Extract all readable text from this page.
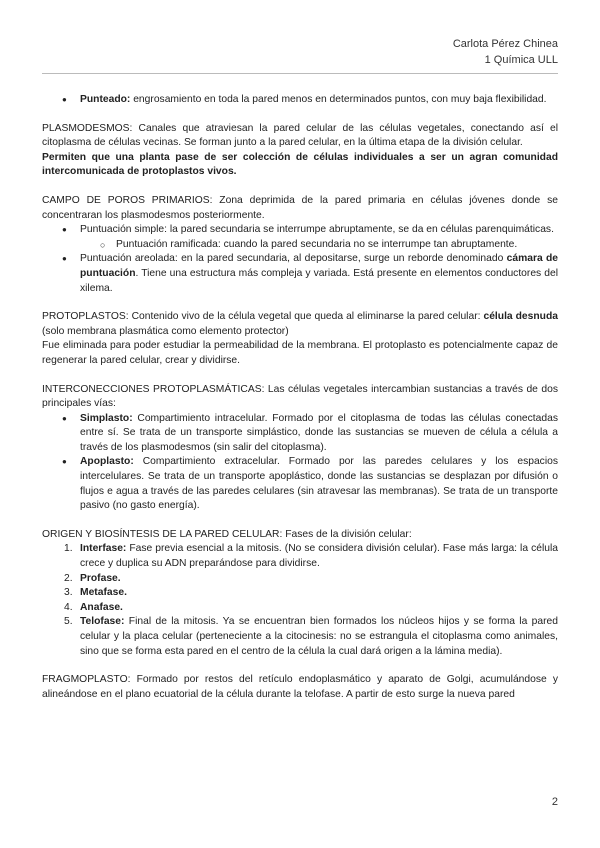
Carlota Pérez Chinea
1 Química ULL
● Punteado: engrosamiento en toda la pared menos en determinados puntos, con muy baja flexibilidad.
PLASMODESMOS: Canales que atraviesan la pared celular de las células vegetales, conectando así el citoplasma de células vecinas. Se forman junto a la pared celular, en la última etapa de la división celular.
Permiten que una planta pase de ser colección de células individuales a ser un agran comunidad intercomunicada de protoplastos vivos.
CAMPO DE POROS PRIMARIOS: Zona deprimida de la pared primaria en células jóvenes donde se concentraran los plasmodesmos posteriormente.
● Puntuación simple: la pared secundaria se interrumpe abruptamente, se da en células parenquimáticas.
○ Puntuación ramificada: cuando la pared secundaria no se interrumpe tan abruptamente.
● Puntuación areolada: en la pared secundaria, al depositarse, surge un reborde denominado cámara de puntuación. Tiene una estructura más compleja y variada. Está presente en elementos conductores del xilema.
PROTOPLASTOS: Contenido vivo de la célula vegetal que queda al eliminarse la pared celular: célula desnuda (solo membrana plasmática como elemento protector)
Fue eliminada para poder estudiar la permeabilidad de la membrana. El protoplasto es potencialmente capaz de regenerar la pared celular, crear y dividirse.
INTERCONECCIONES PROTOPLASMÁTICAS: Las células vegetales intercambian sustancias a través de dos principales vías:
● Simplasto: Compartimiento intracelular. Formado por el citoplasma de todas las células conectadas entre sí. Se trata de un transporte simplástico, donde las sustancias se mueven de célula a célula a través de los plasmodesmos (sin salir del citoplasma).
● Apoplasto: Compartimiento extracelular. Formado por las paredes celulares y los espacios intercelulares. Se trata de un transporte apoplástico, donde las sustancias se desplazan por difusión o flujos e agua a través de las paredes celulares (sin atravesar las membranas). Se trata de un transporte pasivo (no gasto energía).
ORIGEN Y BIOSÍNTESIS DE LA PARED CELULAR: Fases de la división celular:
1. Interfase: Fase previa esencial a la mitosis. (No se considera división celular). Fase más larga: la célula crece y duplica su ADN preparándose para dividirse.
2. Profase.
3. Metafase.
4. Anafase.
5. Telofase: Final de la mitosis. Ya se encuentran bien formados los núcleos hijos y se forma la pared celular y la placa celular (perteneciente a la citocinesis: no se estrangula el citoplasma como animales, sino que se forma esta pared en el centro de la célula la cual dará origen a la lámina media).
FRAGMOPLASTO: Formado por restos del retículo endoplasmático y aparato de Golgi, acumulándose y alineándose en el plano ecuatorial de la célula durante la telofase. A partir de esto surge la nueva pared
2
